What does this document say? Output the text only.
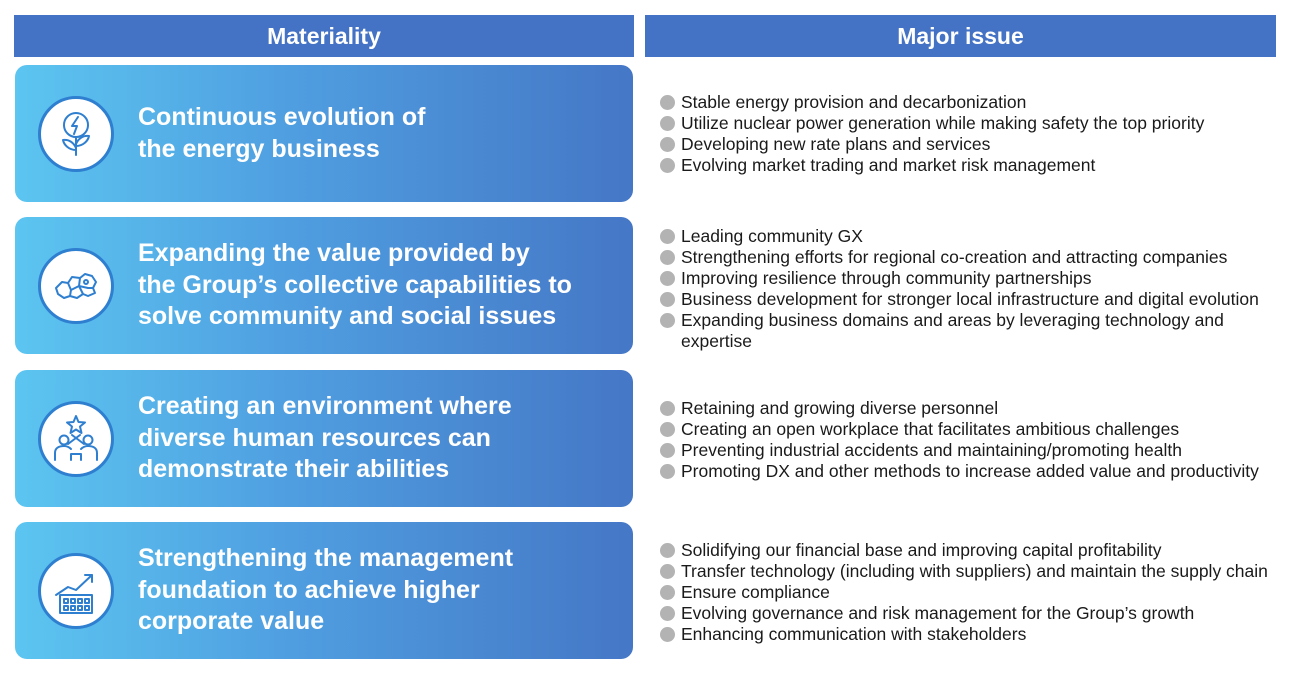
Materiality	Major issue
Continuous evolution of
the energy business
Expanding the value provided by
the Group’s collective capabilities to
solve community and social issues
Creating an environment where
diverse human resources can
demonstrate their abilities
Strengthening the management
foundation to achieve higher
corporate value
Stable energy provision and decarbonization
Utilize nuclear power generation while making safety the top priority
Developing new rate plans and services
Evolving market trading and market risk management
Leading community GX
Strengthening efforts for regional co-creation and attracting companies
Improving resilience through community partnerships
Business development for stronger local infrastructure and digital evolution
Expanding business domains and areas by leveraging technology and expertise
Retaining and growing diverse personnel
Creating an open workplace that facilitates ambitious challenges
Preventing industrial accidents and maintaining/promoting health
Promoting DX and other methods to increase added value and productivity
Solidifying our financial base and improving capital profitability
Transfer technology (including with suppliers) and maintain the supply chain
Ensure compliance
Evolving governance and risk management for the Group’s growth
Enhancing communication with stakeholders
